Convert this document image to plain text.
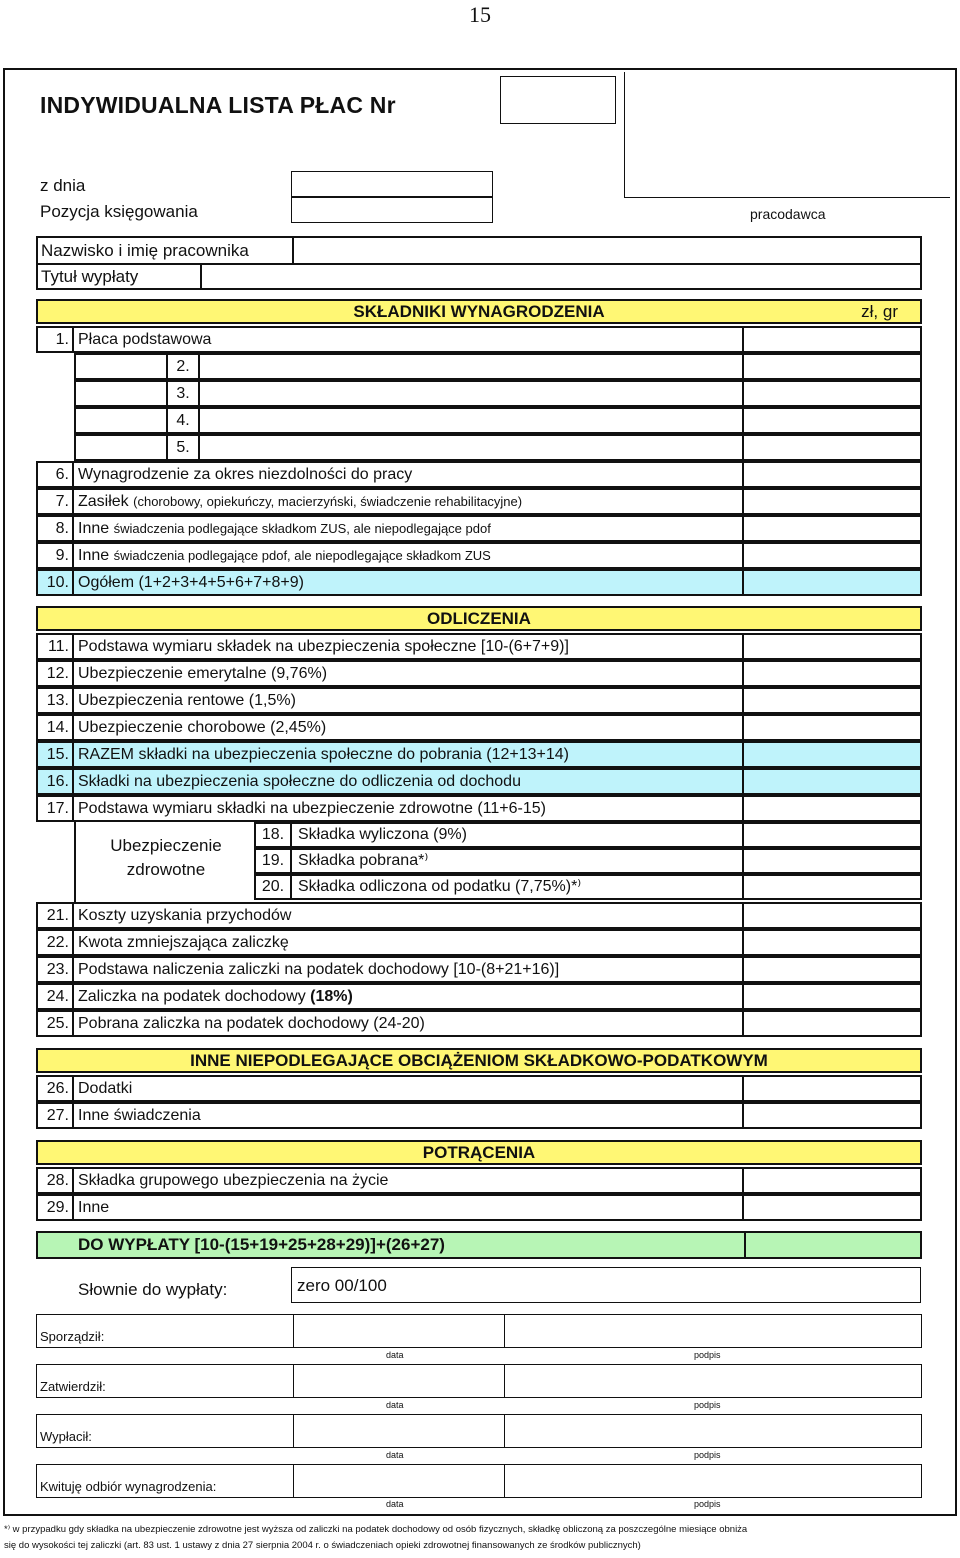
15
INDYWIDUALNA LISTA PŁAC Nr
pracodawca
z dnia
Pozycja księgowania
Nazwisko i imię pracownika
Tytuł wypłaty
SKŁADNIKI WYNAGRODZENIA	zł, gr
1. Płaca podstawowa
2.
3.
4.
5.
6. Wynagrodzenie za okres niezdolności do pracy
7. Zasiłek (chorobowy, opiekuńczy, macierzyński, świadczenie rehabilitacyjne)
8. Inne świadczenia podlegające składkom ZUS, ale niepodlegające pdof
9. Inne świadczenia podlegające pdof, ale niepodlegające składkom ZUS
10. Ogółem (1+2+3+4+5+6+7+8+9)
ODLICZENIA
11. Podstawa wymiaru składek na ubezpieczenia społeczne [10-(6+7+9)]
12. Ubezpieczenie emerytalne (9,76%)
13. Ubezpieczenia rentowe (1,5%)
14. Ubezpieczenie chorobowe (2,45%)
15. RAZEM składki na ubezpieczenia społeczne do pobrania (12+13+14)
16. Składki na ubezpieczenia społeczne do odliczenia od dochodu
17. Podstawa wymiaru składki na ubezpieczenie zdrowotne (11+6-15)
Ubezpieczenie
zdrowotne
18. Składka wyliczona (9%)
19. Składka pobrana*⁾
20. Składka odliczona od podatku (7,75%)*⁾
21. Koszty uzyskania przychodów
22. Kwota zmniejszająca zaliczkę
23. Podstawa naliczenia zaliczki na podatek dochodowy [10-(8+21+16)]
24. Zaliczka na podatek dochodowy (18%)
25. Pobrana zaliczka na podatek dochodowy (24-20)
INNE NIEPODLEGAJĄCE OBCIĄŻENIOM SKŁADKOWO-PODATKOWYM
26. Dodatki
27. Inne świadczenia
POTRĄCENIA
28. Składka grupowego ubezpieczenia na życie
29. Inne
DO WYPŁATY [10-(15+19+25+28+29)]+(26+27)
Słownie do wypłaty:	zero 00/100
Sporządził:
data	podpis
Zatwierdził:
data	podpis
Wypłacił:
data	podpis
Kwituję odbiór wynagrodzenia:
data	podpis
*⁾ w przypadku gdy składka na ubezpieczenie zdrowotne jest wyższa od zaliczki na podatek dochodowy od osób fizycznych, składkę obliczoną za poszczególne miesiące obniża
się do wysokości tej zaliczki (art. 83 ust. 1 ustawy z dnia 27 sierpnia 2004 r. o świadczeniach opieki zdrowotnej finansowanych ze środków publicznych)
